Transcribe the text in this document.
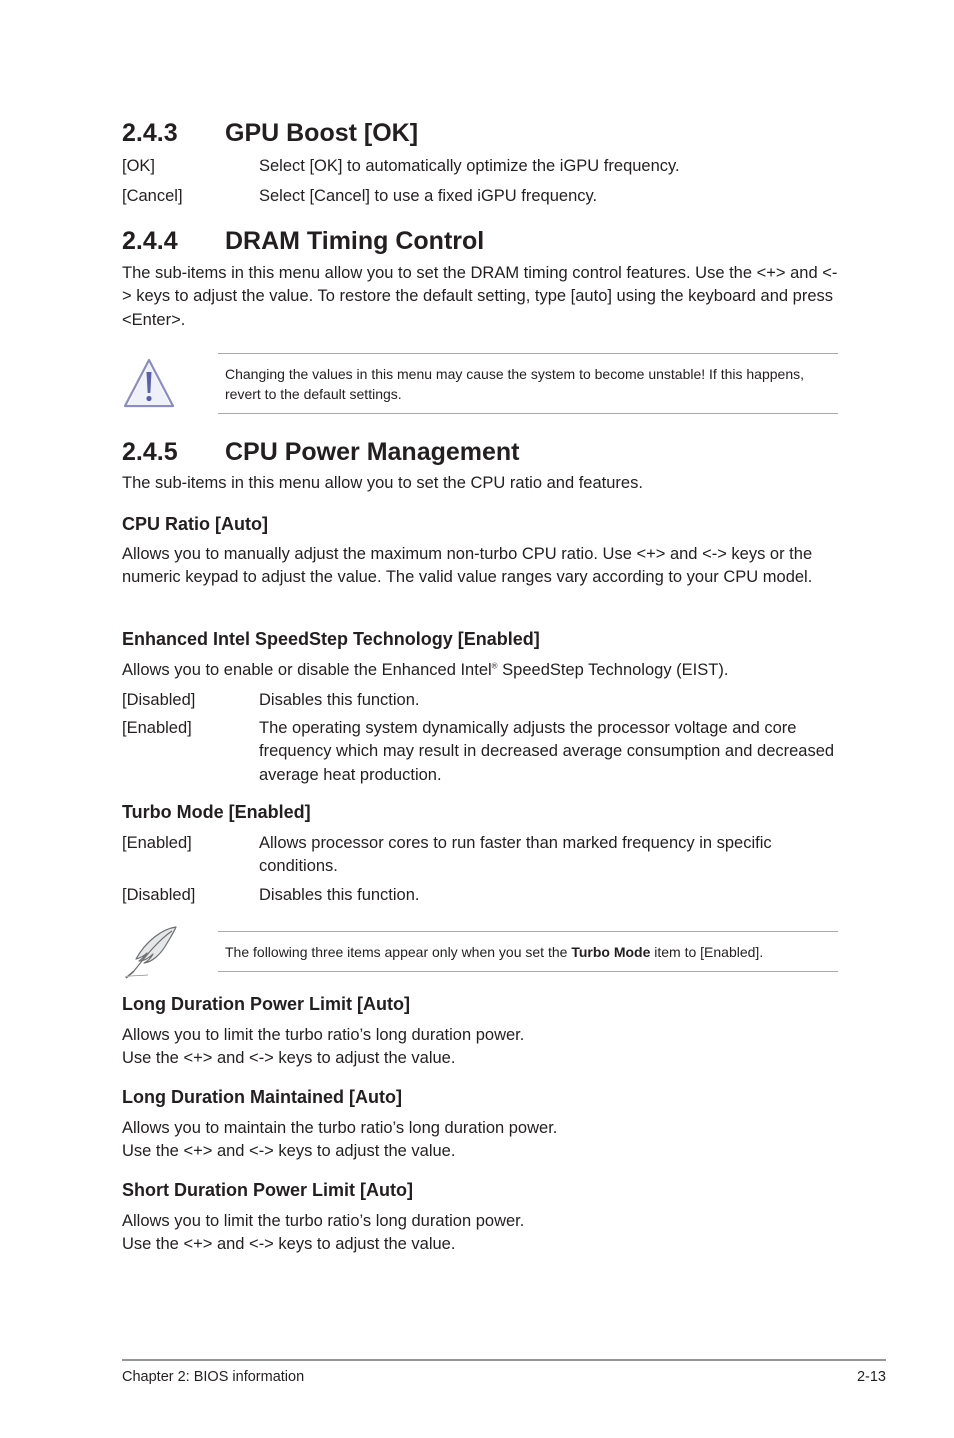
2.4.3 GPU Boost [OK]
[OK]	Select [OK] to automatically optimize the iGPU frequency.
[Cancel]	Select [Cancel] to use a fixed iGPU frequency.
2.4.4 DRAM Timing Control
The sub-items in this menu allow you to set the DRAM timing control features. Use the <+> and <-> keys to adjust the value. To restore the default setting, type [auto] using the keyboard and press <Enter>.
Changing the values in this menu may cause the system to become unstable! If this happens, revert to the default settings.
2.4.5 CPU Power Management
The sub-items in this menu allow you to set the CPU ratio and features.
CPU Ratio [Auto]
Allows you to manually adjust the maximum non-turbo CPU ratio. Use <+> and <-> keys or the numeric keypad to adjust the value. The valid value ranges vary according to your CPU model.
Enhanced Intel SpeedStep Technology [Enabled]
Allows you to enable or disable the Enhanced Intel® SpeedStep Technology (EIST).
[Disabled]	Disables this function.
[Enabled]	The operating system dynamically adjusts the processor voltage and core frequency which may result in decreased average consumption and decreased average heat production.
Turbo Mode [Enabled]
[Enabled]	Allows processor cores to run faster than marked frequency in specific conditions.
[Disabled]	Disables this function.
The following three items appear only when you set the Turbo Mode item to [Enabled].
Long Duration Power Limit [Auto]
Allows you to limit the turbo ratio’s long duration power.
Use the <+> and <-> keys to adjust the value.
Long Duration Maintained [Auto]
Allows you to maintain the turbo ratio’s long duration power.
Use the <+> and <-> keys to adjust the value.
Short Duration Power Limit [Auto]
Allows you to limit the turbo ratio’s long duration power.
Use the <+> and <-> keys to adjust the value.
Chapter 2: BIOS information	2-13
